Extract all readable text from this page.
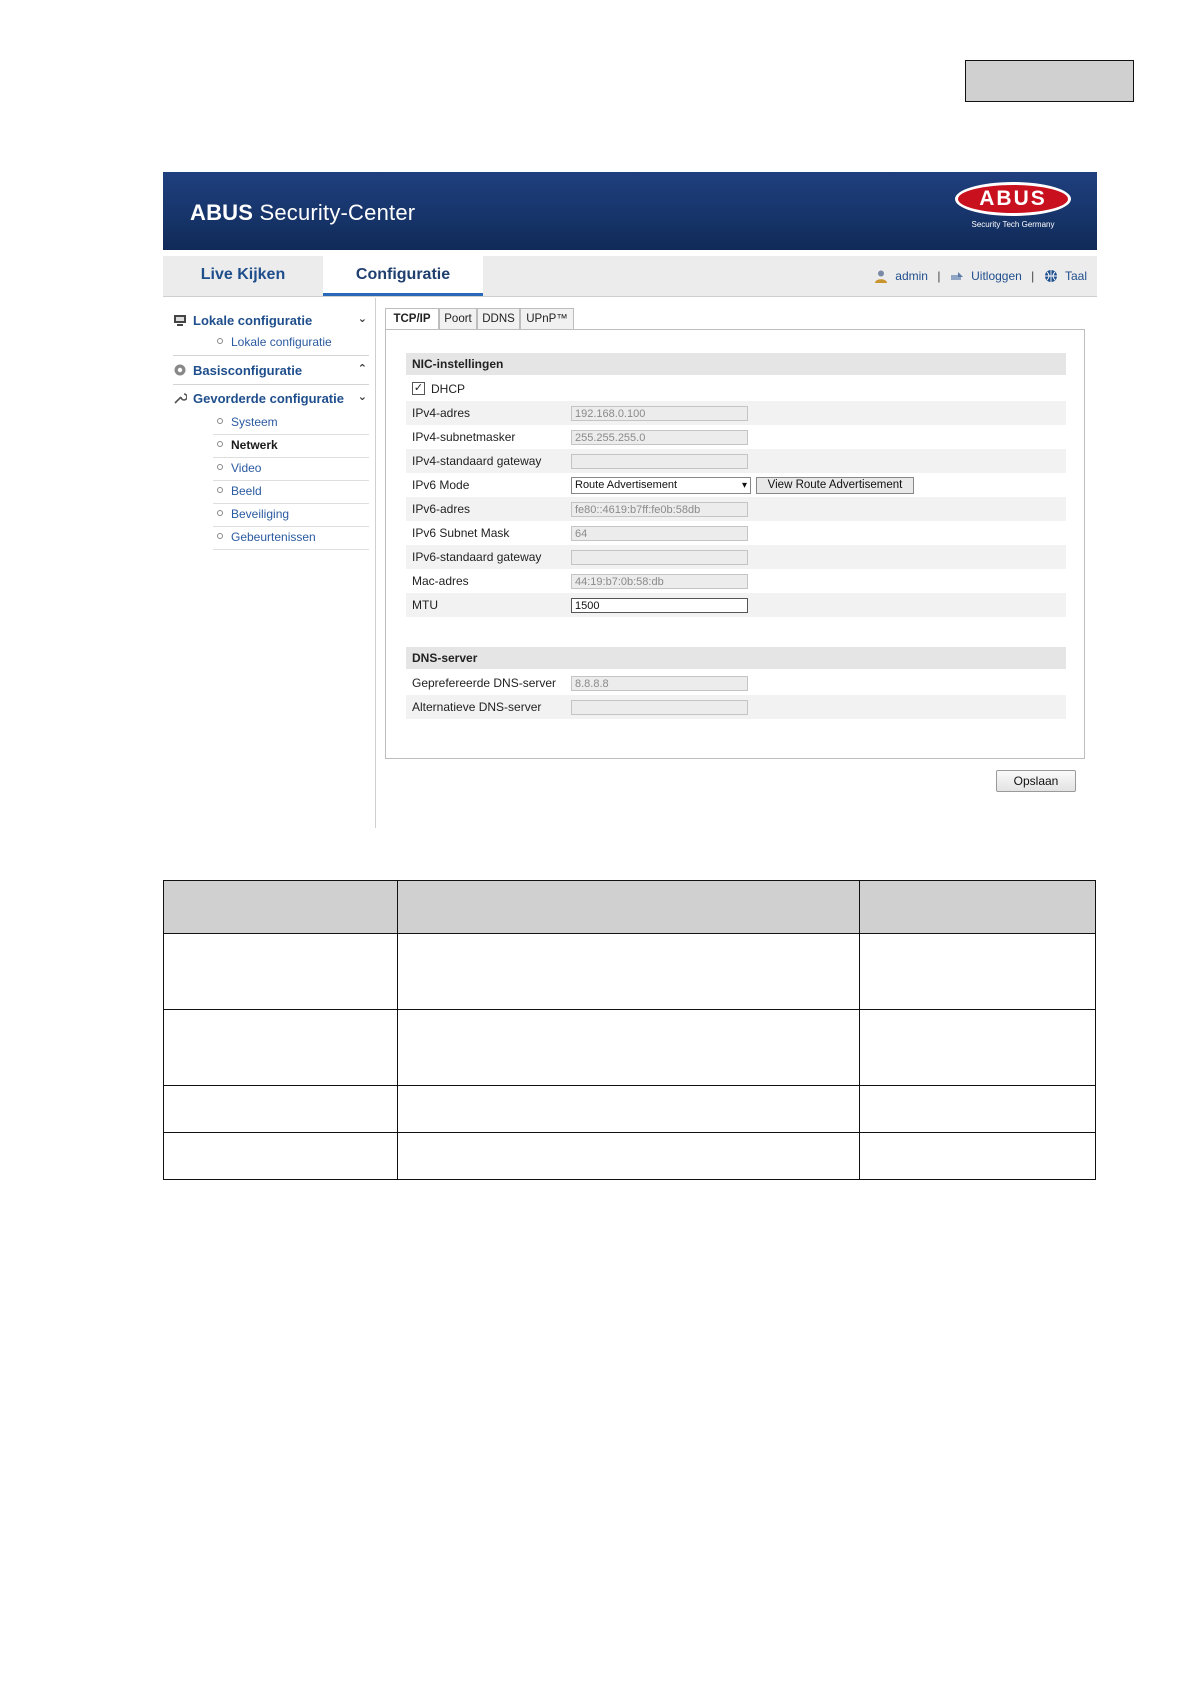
ABUS Security-Center
ABUS
Security Tech Germany
Live Kijken	Configuratie	admin |	Uitloggen |	Taal
Lokale configuratie	⌄
Lokale configuratie
Basisconfiguratie	⌃
Gevorderde configuratie ⌄
Systeem
Netwerk
Video
Beeld
Beveiliging
Gebeurtenissen
TCP/IP	Poort DDNS UPnP™
NIC-instellingen
✓ DHCP
IPv4-adres	192.168.0.100
IPv4-subnetmasker	255.255.255.0
IPv4-standaard gateway
IPv6 Mode	Route Advertisement	▾	View Route Advertisement
IPv6-adres	fe80::4619:b7ff:fe0b:58db
IPv6 Subnet Mask	64
IPv6-standaard gateway
Mac-adres	44:19:b7:0b:58:db
MTU	1500
DNS-server
Geprefereerde DNS-server	8.8.8.8
Alternatieve DNS-server
Opslaan
